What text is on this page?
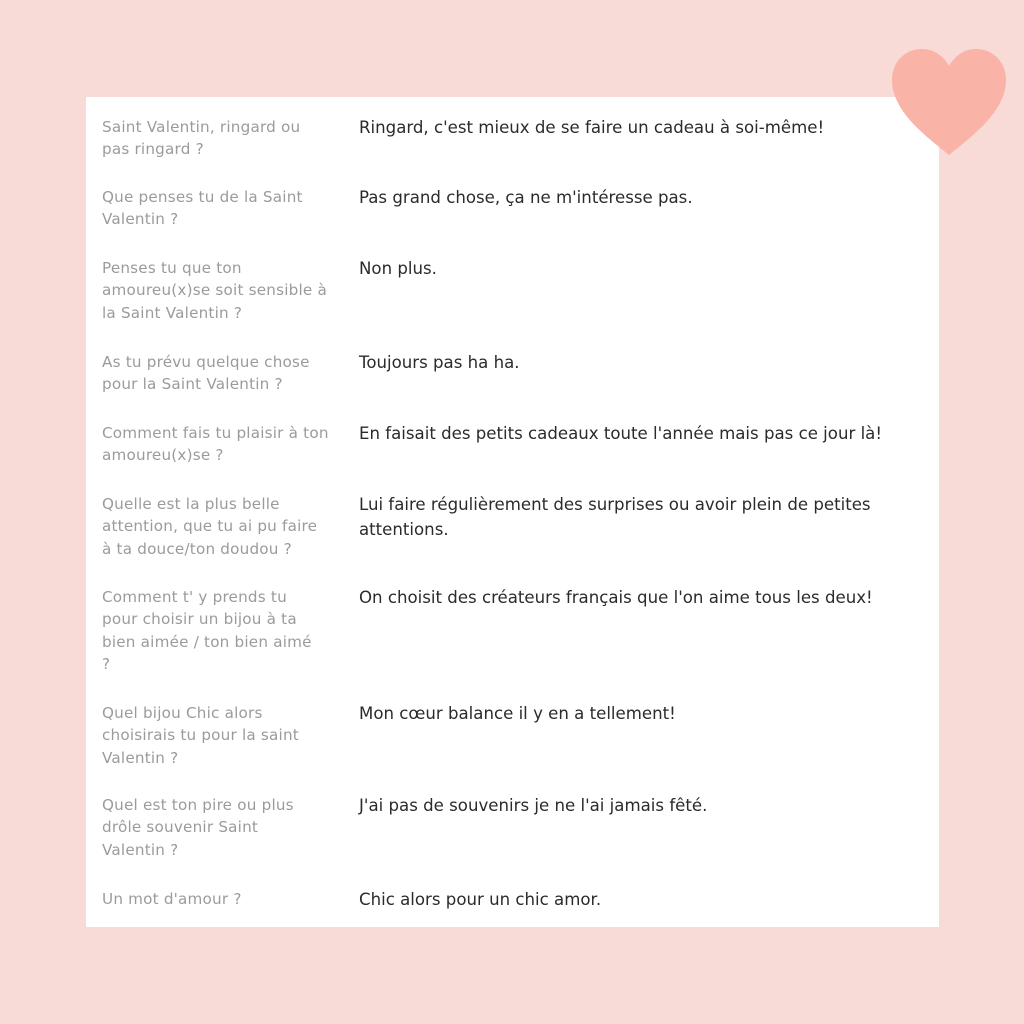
Saint Valentin, ringard ou
pas ringard ?
Ringard, c'est mieux de se faire un cadeau à soi-même!
Que penses tu de la Saint
Valentin ?
Pas grand chose, ça ne m'intéresse pas.
Penses tu que ton
amoureu(x)se soit sensible à
la Saint Valentin ?
Non plus.
As tu prévu quelque chose
pour la Saint Valentin ?
Toujours pas ha ha.
Comment fais tu plaisir à ton
amoureu(x)se ?
En faisait des petits cadeaux toute l'année mais pas ce jour là!
Quelle est la plus belle
attention, que tu ai pu faire
à ta douce/ton doudou ?
Lui faire régulièrement des surprises ou avoir plein de petites attentions.
Comment t' y prends tu
pour choisir un bijou à ta
bien aimée / ton bien aimé
?
On choisit des créateurs français que l'on aime tous les deux!
Quel bijou Chic alors
choisirais tu pour la saint
Valentin ?
Mon cœur balance il y en a tellement!
Quel est ton pire ou plus
drôle souvenir Saint
Valentin ?
J'ai pas de souvenirs je ne l'ai jamais fêté.
Un mot d'amour ?	Chic alors pour un chic amor.
